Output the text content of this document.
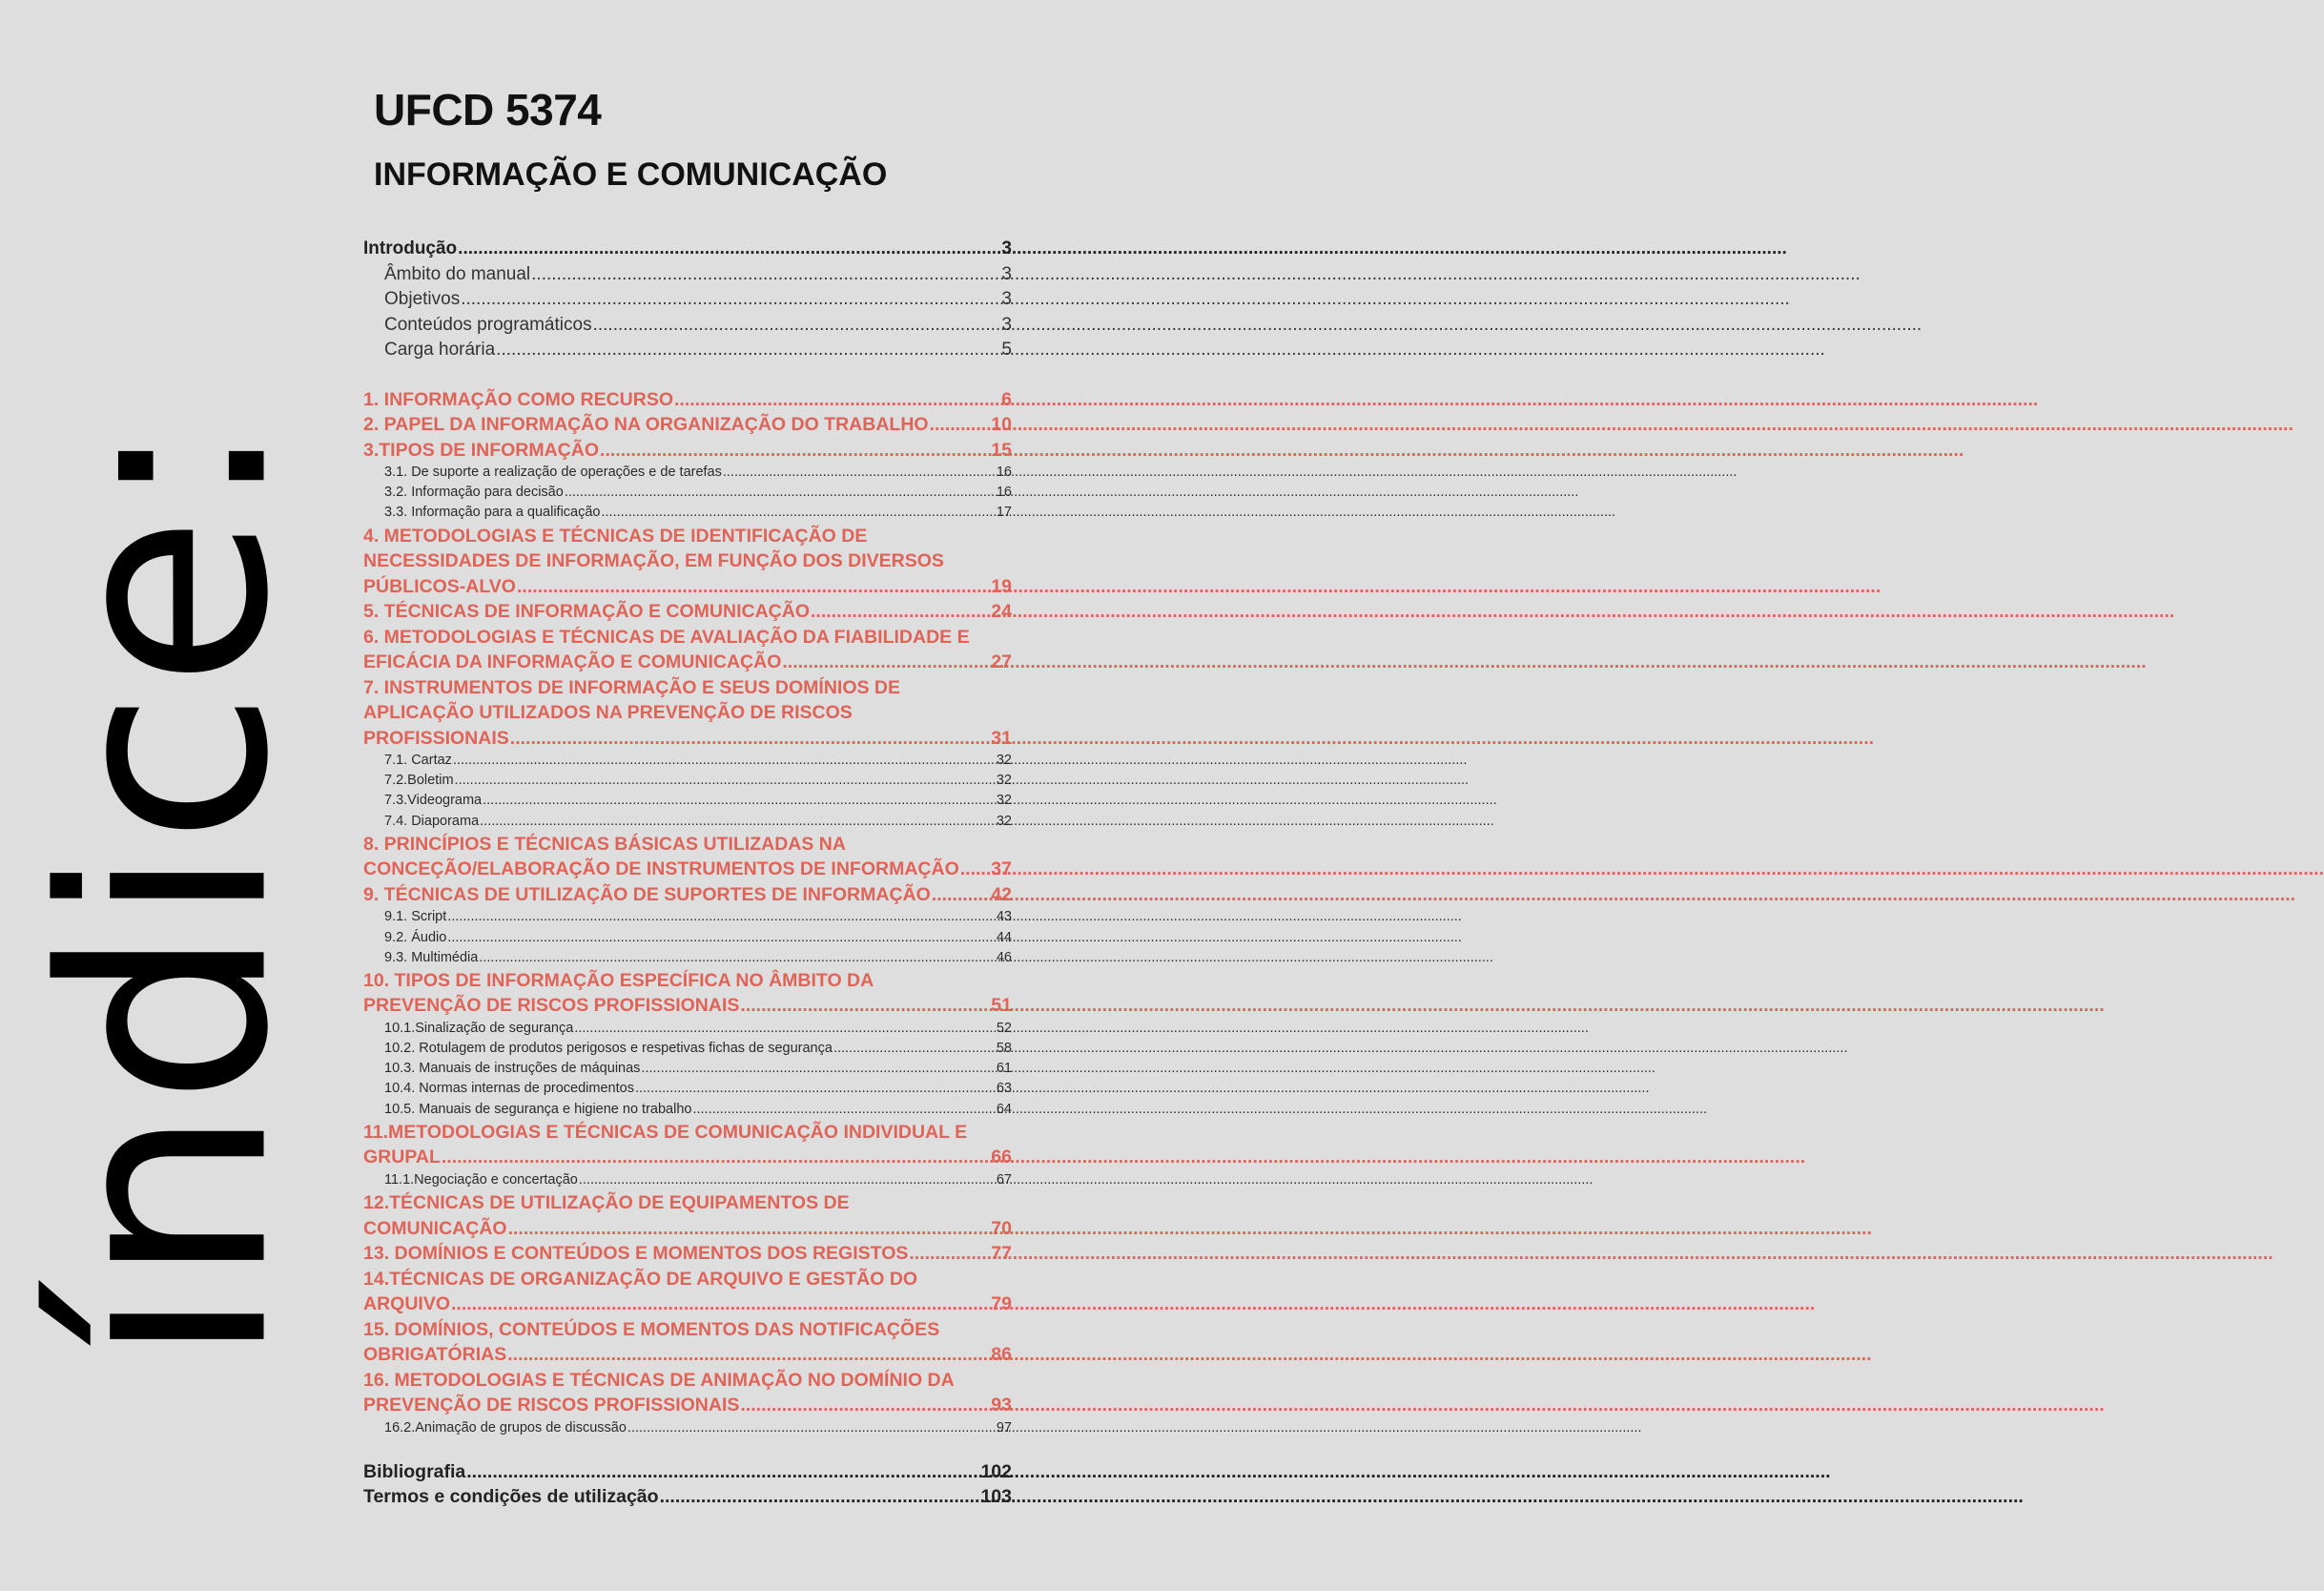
índice:
UFCD 5374
INFORMAÇÃO E COMUNICAÇÃO
Introdução .....	3
Âmbito do manual .....	3
Objetivos .....	3
Conteúdos programáticos .....	3
Carga horária .....	5
1. INFORMAÇÃO COMO RECURSO .....	6
2. PAPEL DA INFORMAÇÃO NA ORGANIZAÇÃO DO TRABALHO .....	10
3.TIPOS DE INFORMAÇÃO .....	15
3.1. De suporte a realização de operações e de tarefas .....	16
3.2. Informação para decisão .....	16
3.3. Informação para a qualificação .....	17
4. METODOLOGIAS E TÉCNICAS DE IDENTIFICAÇÃO DE
NECESSIDADES DE INFORMAÇÃO, EM FUNÇÃO DOS DIVERSOS
PÚBLICOS-ALVO .....	19
5. TÉCNICAS DE INFORMAÇÃO E COMUNICAÇÃO .....	24
6. METODOLOGIAS E TÉCNICAS DE AVALIAÇÃO DA FIABILIDADE E
EFICÁCIA DA INFORMAÇÃO E COMUNICAÇÃO .....	27
7. INSTRUMENTOS DE INFORMAÇÃO E SEUS DOMÍNIOS DE
APLICAÇÃO UTILIZADOS NA PREVENÇÃO DE RISCOS
PROFISSIONAIS .....	31
7.1. Cartaz .....	32
7.2.Boletim .....	32
7.3.Videograma .....	32
7.4. Diaporama .....	32
8. PRINCÍPIOS E TÉCNICAS BÁSICAS UTILIZADAS NA
CONCEÇÃO/ELABORAÇÃO DE INSTRUMENTOS DE INFORMAÇÃO ..... 37
9. TÉCNICAS DE UTILIZAÇÃO DE SUPORTES DE INFORMAÇÃO .....	42
9.1. Script .....	43
9.2. Áudio .....	44
9.3. Multimédia .....	46
10. TIPOS DE INFORMAÇÃO ESPECÍFICA NO ÂMBITO DA
PREVENÇÃO DE RISCOS PROFISSIONAIS .....	51
10.1.Sinalização de segurança .....	52
10.2. Rotulagem de produtos perigosos e respetivas fichas de segurança .....	58
10.3. Manuais de instruções de máquinas .....	61
10.4. Normas internas de procedimentos .....	63
10.5. Manuais de segurança e higiene no trabalho .....	64
11.METODOLOGIAS E TÉCNICAS DE COMUNICAÇÃO INDIVIDUAL E
GRUPAL .....	66
11.1.Negociação e concertação .....	67
12.TÉCNICAS DE UTILIZAÇÃO DE EQUIPAMENTOS DE
COMUNICAÇÃO .....	70
13. DOMÍNIOS E CONTEÚDOS E MOMENTOS DOS REGISTOS .....	77
14.TÉCNICAS DE ORGANIZAÇÃO DE ARQUIVO E GESTÃO DO
ARQUIVO .....	79
15. DOMÍNIOS, CONTEÚDOS E MOMENTOS DAS NOTIFICAÇÕES
OBRIGATÓRIAS .....	86
16. METODOLOGIAS E TÉCNICAS DE ANIMAÇÃO NO DOMÍNIO DA
PREVENÇÃO DE RISCOS PROFISSIONAIS .....	93
16.2.Animação de grupos de discussão .....	97
Bibliografia .....	102
Termos e condições de utilização .....	103
